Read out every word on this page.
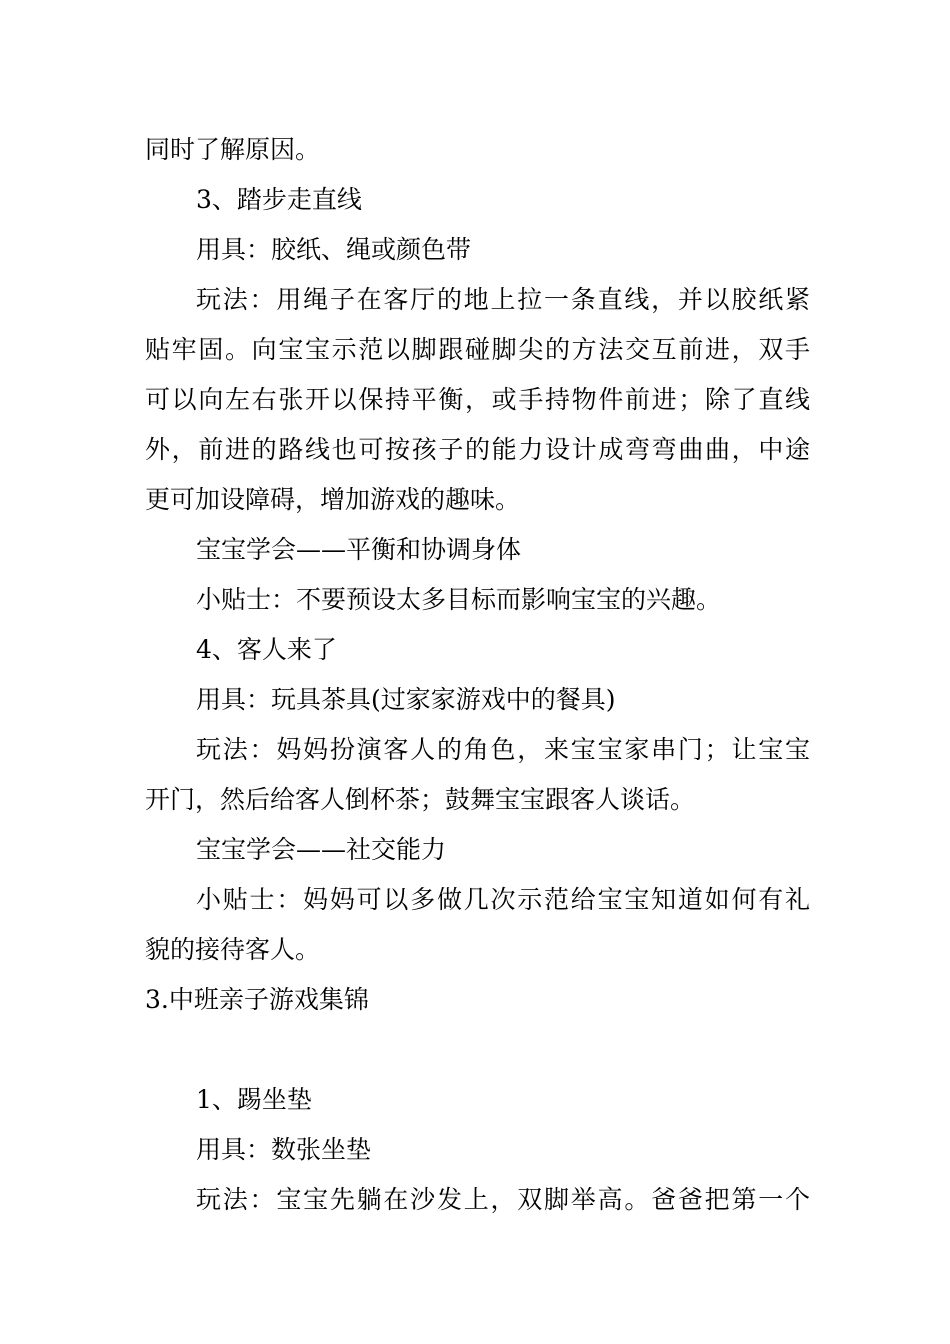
同时了解原因。
3、踏步走直线
用具：胶纸、绳或颜色带
玩法：用绳子在客厅的地上拉一条直线，并以胶纸紧
贴牢固。向宝宝示范以脚跟碰脚尖的方法交互前进，双手
可以向左右张开以保持平衡，或手持物件前进；除了直线
外，前进的路线也可按孩子的能力设计成弯弯曲曲，中途
更可加设障碍，增加游戏的趣味。
宝宝学会——平衡和协调身体
小贴士：不要预设太多目标而影响宝宝的兴趣。
4、客人来了
用具：玩具茶具(过家家游戏中的餐具)
玩法：妈妈扮演客人的角色，来宝宝家串门；让宝宝
开门，然后给客人倒杯茶；鼓舞宝宝跟客人谈话。
宝宝学会——社交能力
小贴士：妈妈可以多做几次示范给宝宝知道如何有礼
貌的接待客人。
3.中班亲子游戏集锦
1、踢坐垫
用具：数张坐垫
玩法：宝宝先躺在沙发上，双脚举高。爸爸把第一个
